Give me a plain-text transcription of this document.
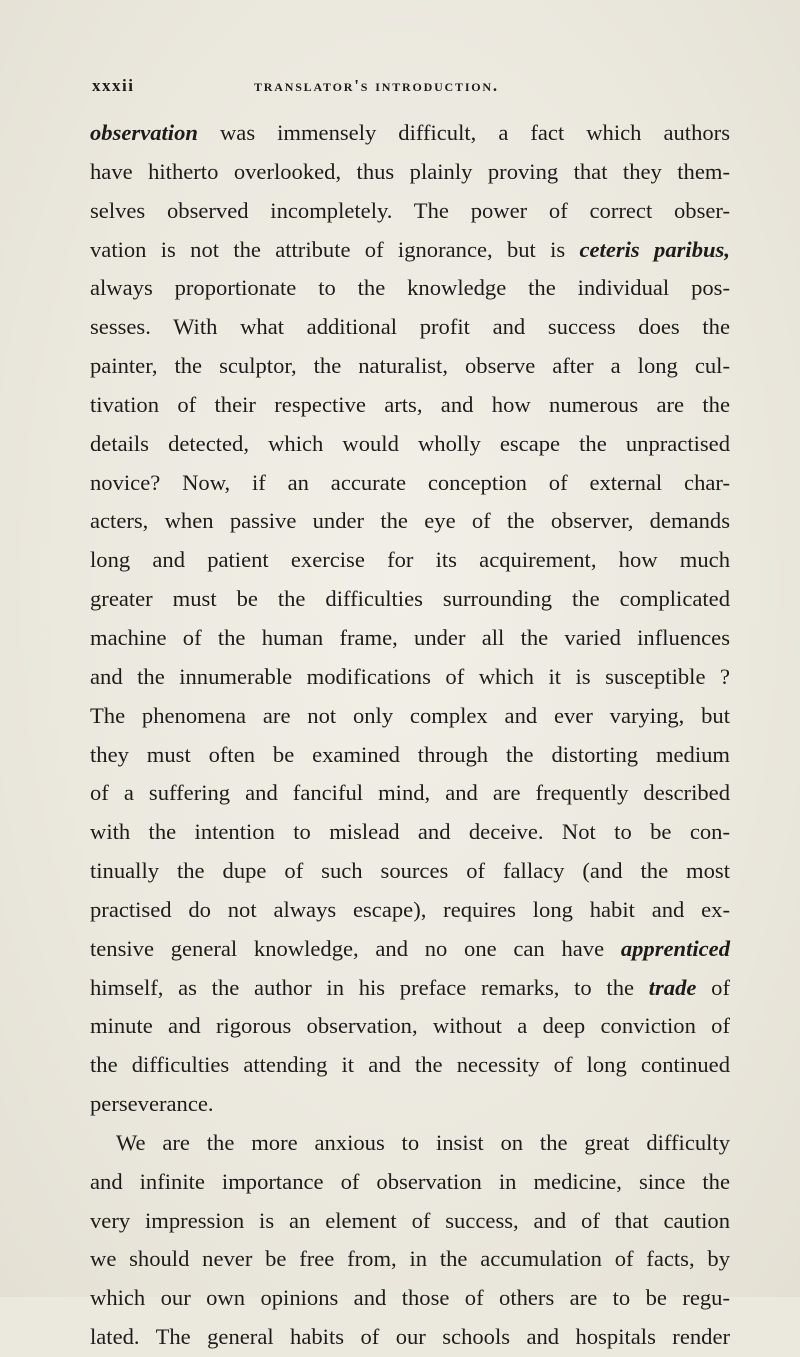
xxxii	translator's introduction.
observation was immensely difficult, a fact which authors
have hitherto overlooked, thus plainly proving that they them-
selves observed incompletely. The power of correct obser-
vation is not the attribute of ignorance, but is ceteris paribus,
always proportionate to the knowledge the individual pos-
sesses. With what additional profit and success does the
painter, the sculptor, the naturalist, observe after a long cul-
tivation of their respective arts, and how numerous are the
details detected, which would wholly escape the unpractised
novice? Now, if an accurate conception of external char-
acters, when passive under the eye of the observer, demands
long and patient exercise for its acquirement, how much
greater must be the difficulties surrounding the complicated
machine of the human frame, under all the varied influences
and the innumerable modifications of which it is susceptible ?
The phenomena are not only complex and ever varying, but
they must often be examined through the distorting medium
of a suffering and fanciful mind, and are frequently described
with the intention to mislead and deceive. Not to be con-
tinually the dupe of such sources of fallacy (and the most
practised do not always escape), requires long habit and ex-
tensive general knowledge, and no one can have apprenticed
himself, as the author in his preface remarks, to the trade of
minute and rigorous observation, without a deep conviction of
the difficulties attending it and the necessity of long continued
perseverance.
We are the more anxious to insist on the great difficulty
and infinite importance of observation in medicine, since the
very impression is an element of success, and of that caution
we should never be free from, in the accumulation of facts, by
which our own opinions and those of others are to be regu-
lated. The general habits of our schools and hospitals render
